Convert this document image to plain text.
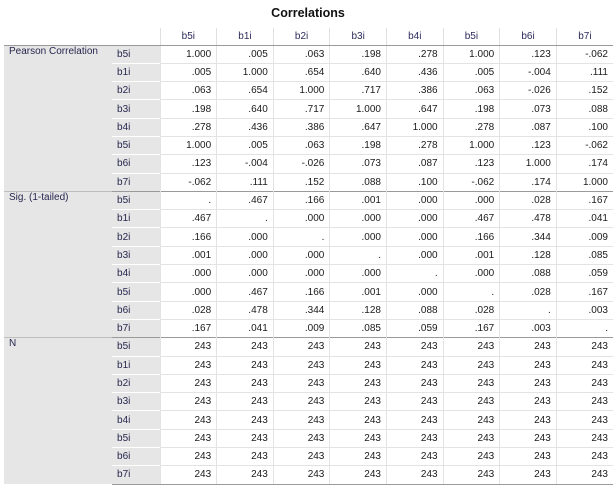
Correlations
		b5i	b1i	b2i	b3i	b4i	b5i	b6i	b7i
Pearson Correlation	b5i	1.000	.005	.063	.198	.278	1.000	.123	-.062
	b1i	.005	1.000	.654	.640	.436	.005	-.004	.111
	b2i	.063	.654	1.000	.717	.386	.063	-.026	.152
	b3i	.198	.640	.717	1.000	.647	.198	.073	.088
	b4i	.278	.436	.386	.647	1.000	.278	.087	.100
	b5i	1.000	.005	.063	.198	.278	1.000	.123	-.062
	b6i	.123	-.004	-.026	.073	.087	.123	1.000	.174
	b7i	-.062	.111	.152	.088	.100	-.062	.174	1.000
Sig. (1-tailed)	b5i	.	.467	.166	.001	.000	.000	.028	.167
	b1i	.467	.	.000	.000	.000	.467	.478	.041
	b2i	.166	.000	.	.000	.000	.166	.344	.009
	b3i	.001	.000	.000	.	.000	.001	.128	.085
	b4i	.000	.000	.000	.000	.	.000	.088	.059
	b5i	.000	.467	.166	.001	.000	.	.028	.167
	b6i	.028	.478	.344	.128	.088	.028	.	.003
	b7i	.167	.041	.009	.085	.059	.167	.003	.
N	b5i	243	243	243	243	243	243	243	243
	b1i	243	243	243	243	243	243	243	243
	b2i	243	243	243	243	243	243	243	243
	b3i	243	243	243	243	243	243	243	243
	b4i	243	243	243	243	243	243	243	243
	b5i	243	243	243	243	243	243	243	243
	b6i	243	243	243	243	243	243	243	243
	b7i	243	243	243	243	243	243	243	243
